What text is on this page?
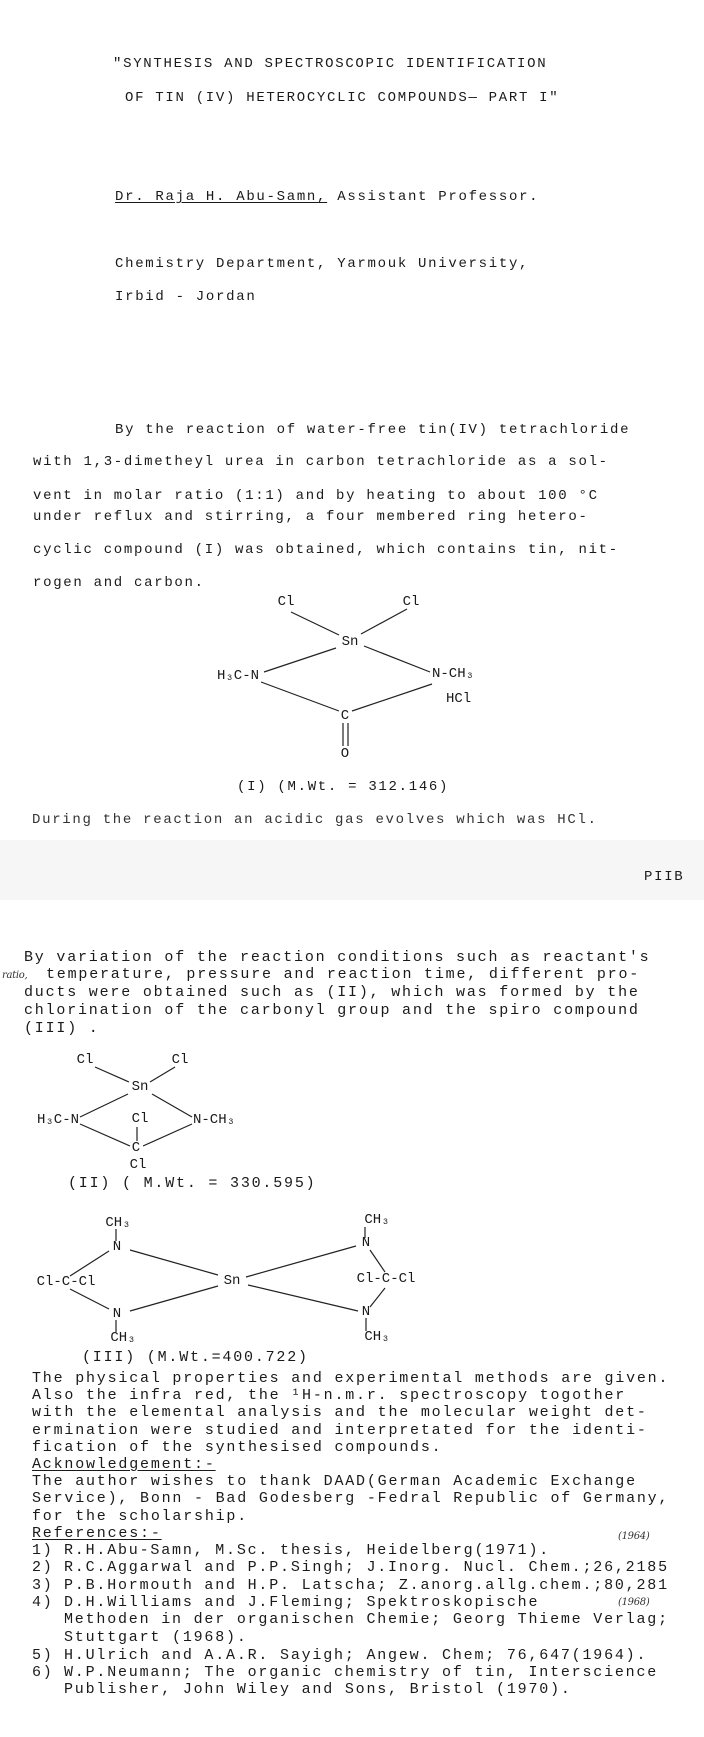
"SYNTHESIS AND SPECTROSCOPIC IDENTIFICATION
OF TIN (IV) HETEROCYCLIC COMPOUNDS— PART I"
Dr. Raja H. Abu-Samn, Assistant Professor.
Chemistry Department, Yarmouk University,
Irbid - Jordan
By the reaction of water-free tin(IV) tetrachloride
with 1,3-dimetheyl urea in carbon tetrachloride as a sol-
vent in molar ratio (1:1) and by heating to about 100 °C
under reflux and stirring, a four membered ring hetero-
cyclic compound (I) was obtained, which contains tin, nit-
rogen and carbon.
Cl	Cl
Sn
H₃C-N	N-CH₃
HCl
C
O
Cl	Cl
Sn
H₃C-N	N-CH₃
Cl
C
Cl
CH₃
N
Cl-C-Cl
N
CH₃
Sn
CH₃
N
Cl-C-Cl
N
CH₃
(I) (M.Wt. = 312.146)
During the reaction an acidic gas evolves which was HCl.
PIIB
ratio,
By variation of the reaction conditions such as reactant's
temperature, pressure and reaction time, different pro-
ducts were obtained such as (II), which was formed by the
chlorination of the carbonyl group and the spiro compound
(III) .
(II) ( M.Wt. = 330.595)
(III) (M.Wt.=400.722)
The physical properties and experimental methods are given.
Also the infra red, the ¹H-n.m.r. spectroscopy togother
with the elemental analysis and the molecular weight det-
ermination were studied and interpretated for the identi-
fication of the synthesised compounds.
Acknowledgement:-
The author wishes to thank DAAD(German Academic Exchange
Service), Bonn - Bad Godesberg -Fedral Republic of Germany,
for the scholarship.
References:-
1) R.H.Abu-Samn, M.Sc. thesis, Heidelberg(1971).
2) R.C.Aggarwal and P.P.Singh; J.Inorg. Nucl. Chem.;26,2185
3) P.B.Hormouth and H.P. Latscha; Z.anorg.allg.chem.;80,281
4) D.H.Williams and J.Fleming; Spektroskopische
Methoden in der organischen Chemie; Georg Thieme Verlag;
Stuttgart (1968).
5) H.Ulrich and A.A.R. Sayigh; Angew. Chem; 76,647(1964).
6) W.P.Neumann; The organic chemistry of tin, Interscience
Publisher, John Wiley and Sons, Bristol (1970).
(1964)
(1968)
